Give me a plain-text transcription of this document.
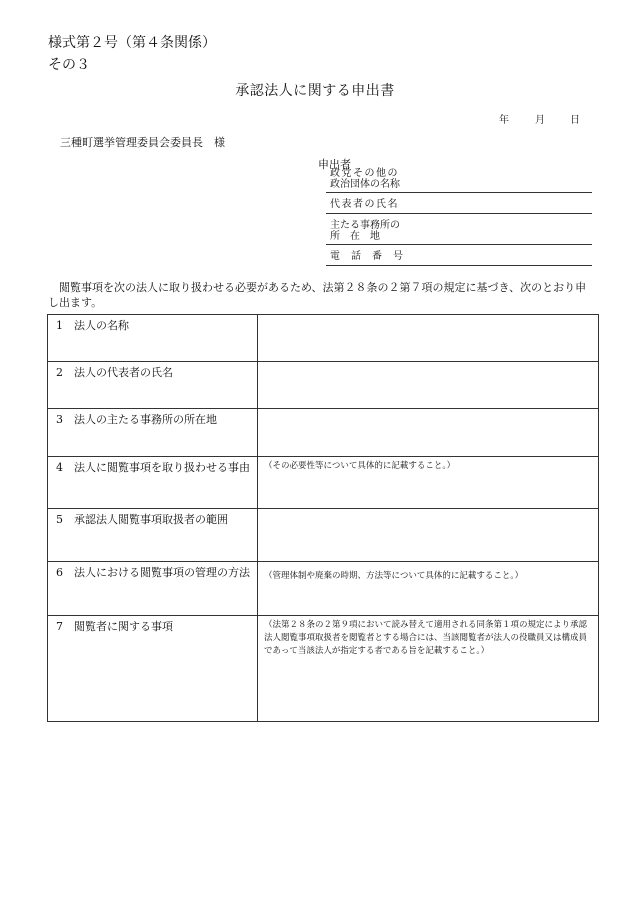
様式第２号（第４条関係）
その３
承認法人に関する申出書
年	月	日
三種町選挙管理委員会委員長　様
申出者
政党その他の
政治団体の名称
代表者の氏名
主たる事務所の
所　在　地
電話番号
閲覧事項を次の法人に取り扱わせる必要があるため、法第２８条の２第７項の規定に基づき、次のとおり申し出ます。
1　法人の名称	

2　法人の代表者の氏名	

3　法人の主たる事務所の所在地	

4　法人に閲覧事項を取り扱わせる事由	（その必要性等について具体的に記載すること。）

5　承認法人閲覧事項取扱者の範囲	

6　法人における閲覧事項の管理の方法	（管理体制や廃棄の時期、方法等について具体的に記載すること。）

7　閲覧者に関する事項	（法第２８条の２第９項において読み替えて適用される同条第１項の規定により承認法人閲覧事項取扱者を閲覧者とする場合には、当該閲覧者が法人の役職員又は構成員であって当該法人が指定する者である旨を記載すること。）
